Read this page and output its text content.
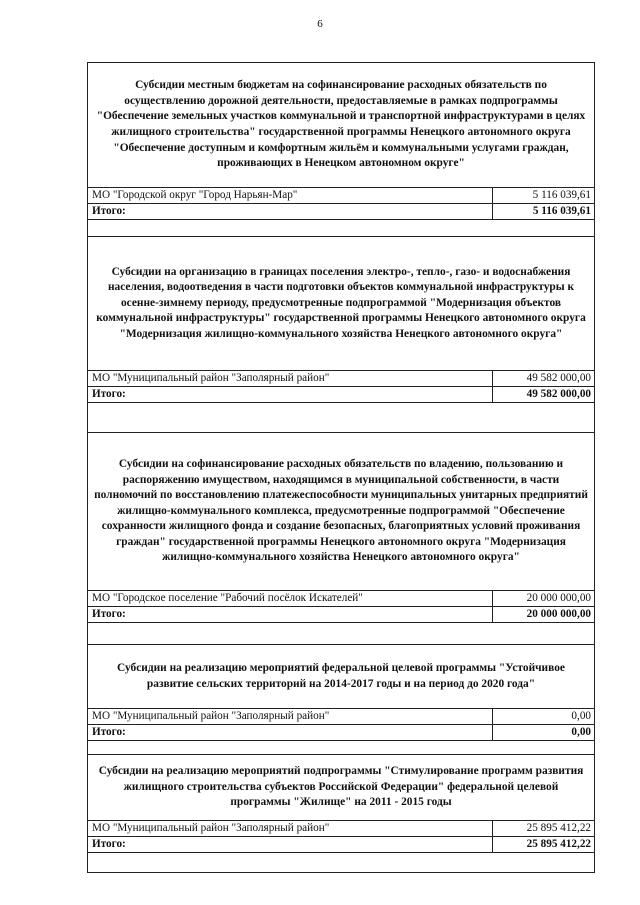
6
Субсидии местным бюджетам на софинансирование расходных обязательств по осуществлению дорожной деятельности, предоставляемые в рамках подпрограммы "Обеспечение земельных участков коммунальной и транспортной инфраструктурами в целях жилищного строительства" государственной программы Ненецкого автономного округа "Обеспечение доступным и комфортным жильём и коммунальными услугами граждан, проживающих в Ненецком автономном округе"
МО "Городской округ "Город Нарьян-Мар"	5 116 039,61
Итого:	5 116 039,61
Субсидии на организацию в границах поселения электро-, тепло-, газо- и водоснабжения населения, водоотведения в части подготовки объектов коммунальной инфраструктуры к осенне-зимнему периоду, предусмотренные подпрограммой "Модернизация объектов коммунальной инфраструктуры" государственной программы Ненецкого автономного округа "Модернизация жилищно-коммунального хозяйства Ненецкого автономного округа"
МО "Муниципальный район "Заполярный район"	49 582 000,00
Итого:	49 582 000,00
Субсидии на софинансирование расходных обязательств по владению, пользованию и распоряжению имуществом, находящимся в муниципальной собственности, в части полномочий по восстановлению платежеспособности муниципальных унитарных предприятий жилищно-коммунального комплекса, предусмотренные подпрограммой "Обеспечение сохранности жилищного фонда и создание безопасных, благоприятных условий проживания граждан" государственной программы Ненецкого автономного округа "Модернизация жилищно-коммунального хозяйства Ненецкого автономного округа"
МО "Городское поселение "Рабочий посёлок Искателей"	20 000 000,00
Итого:	20 000 000,00
Субсидии на реализацию мероприятий федеральной целевой программы "Устойчивое развитие сельских территорий на 2014-2017 годы и на период до 2020 года"
МО "Муниципальный район "Заполярный район"	0,00
Итого:	0,00
Субсидии на реализацию мероприятий подпрограммы "Стимулирование программ развития жилищного строительства субъектов Российской Федерации" федеральной целевой программы "Жилище" на 2011 - 2015 годы
МО "Муниципальный район "Заполярный район"	25 895 412,22
Итого:	25 895 412,22
